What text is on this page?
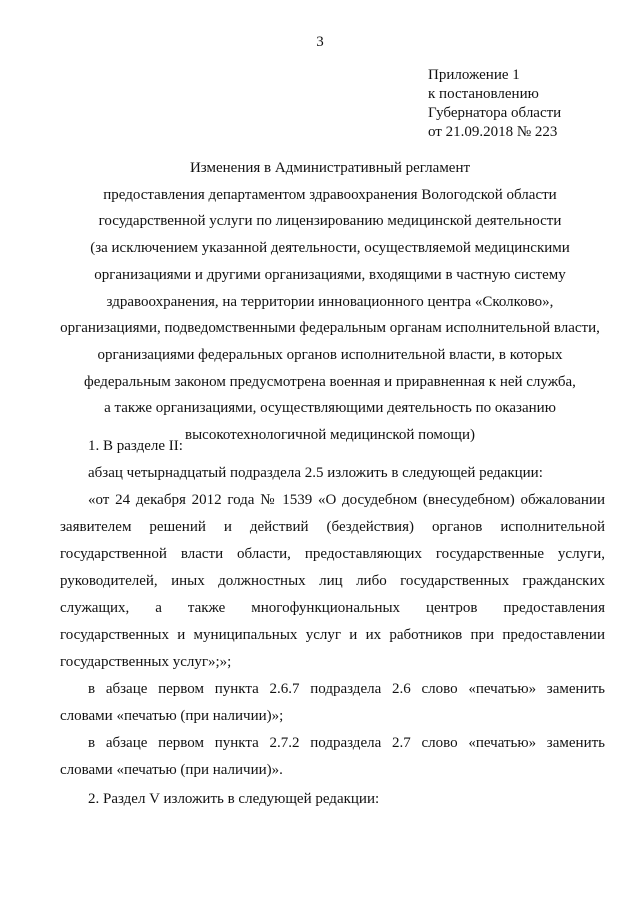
3
Приложение 1
к постановлению
Губернатора области
от 21.09.2018 № 223
Изменения в Административный регламент
предоставления департаментом здравоохранения Вологодской области
государственной услуги по лицензированию медицинской деятельности
(за исключением указанной деятельности, осуществляемой медицинскими
организациями и другими организациями, входящими в частную систему
здравоохранения, на территории инновационного центра «Сколково»,
организациями, подведомственными федеральным органам исполнительной власти,
организациями федеральных органов исполнительной власти, в которых
федеральным законом предусмотрена военная и приравненная к ней служба,
а также организациями, осуществляющими деятельность по оказанию
высокотехнологичной медицинской помощи)
1. В разделе II:
абзац четырнадцатый подраздела 2.5 изложить в следующей редакции:
«от 24 декабря 2012 года № 1539 «О досудебном (внесудебном) обжаловании
заявителем решений и действий (бездействия) органов исполнительной
государственной власти области, предоставляющих государственные услуги,
руководителей, иных должностных лиц либо государственных гражданских
служащих, а также многофункциональных центров предоставления
государственных и муниципальных услуг и их работников при предоставлении
государственных услуг»;»;
в абзаце первом пункта 2.6.7 подраздела 2.6 слово «печатью» заменить
словами «печатью (при наличии)»;
в абзаце первом пункта 2.7.2 подраздела 2.7 слово «печатью» заменить
словами «печатью (при наличии)».
2. Раздел V изложить в следующей редакции:
